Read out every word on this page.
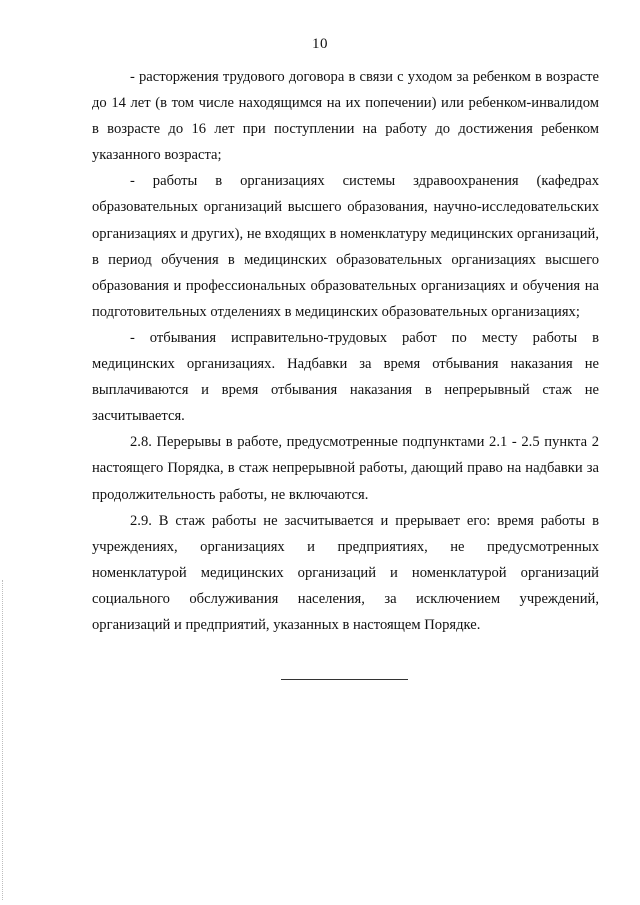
10

- расторжения трудового договора в связи с уходом за ребенком в возрасте до 14 лет (в том числе находящимся на их попечении) или ребенком-инвалидом в возрасте до 16 лет при поступлении на работу до достижения ребенком указанного возраста;

- работы в организациях системы здравоохранения (кафедрах образовательных организаций высшего образования, научно-исследовательских организациях и других), не входящих в номенклатуру медицинских организаций, в период обучения в медицинских образовательных организациях высшего образования и профессиональных образовательных организациях и обучения на подготовительных отделениях в медицинских образовательных организациях;

- отбывания исправительно-трудовых работ по месту работы в медицинских организациях. Надбавки за время отбывания наказания не выплачиваются и время отбывания наказания в непрерывный стаж не засчитывается.

2.8. Перерывы в работе, предусмотренные подпунктами 2.1 - 2.5 пункта 2 настоящего Порядка, в стаж непрерывной работы, дающий право на надбавки за продолжительность работы, не включаются.

2.9. В стаж работы не засчитывается и прерывает его: время работы в учреждениях, организациях и предприятиях, не предусмотренных номенклатурой медицинских организаций и номенклатурой организаций социального обслуживания населения, за исключением учреждений, организаций и предприятий, указанных в настоящем Порядке.
